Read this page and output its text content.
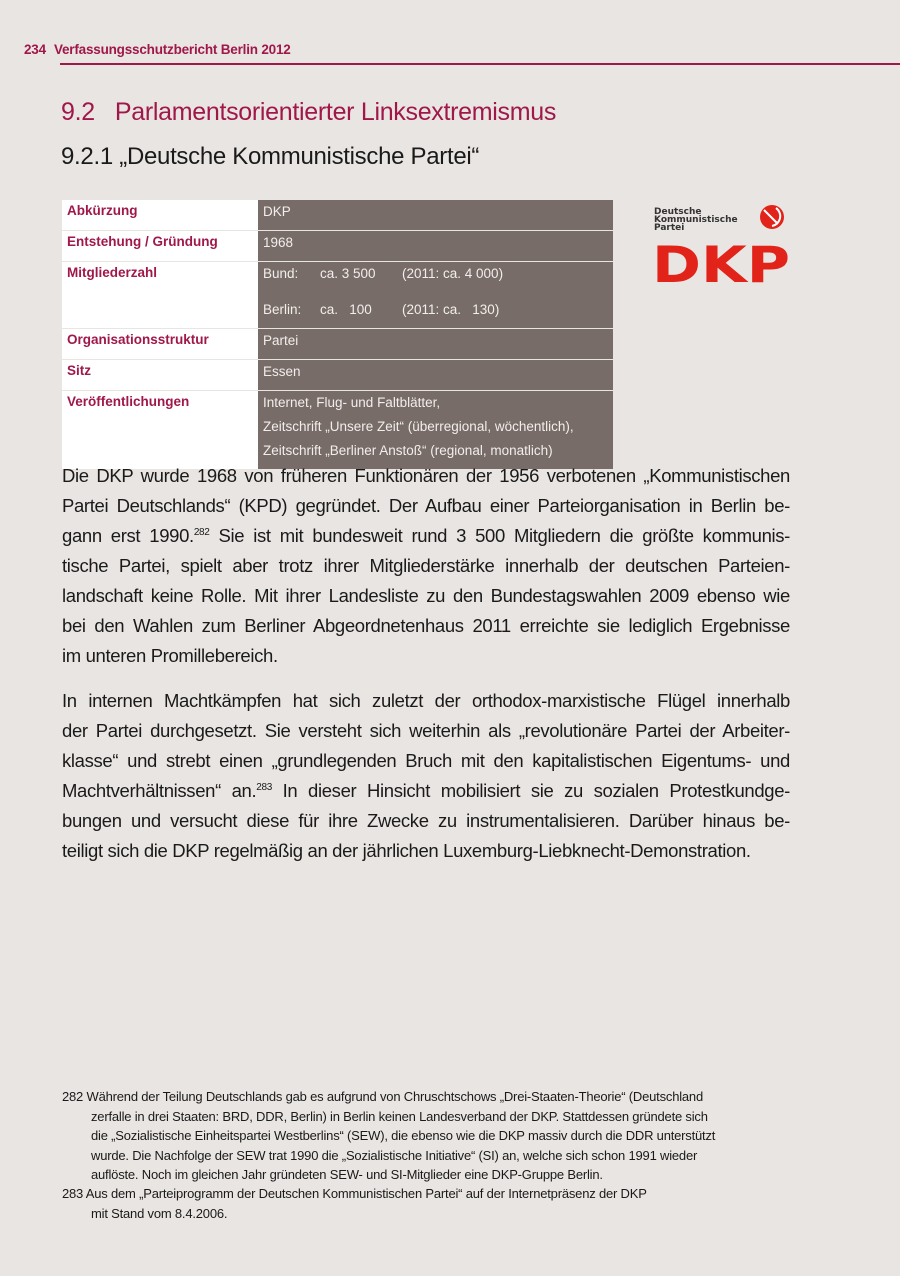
234 Verfassungsschutzbericht Berlin 2012
9.2 Parlamentsorientierter Linksextremismus
9.2.1 „Deutsche Kommunistische Partei“
Abkürzung	DKP

Entstehung / Gründung	1968

Mitgliederzahl	Bund: ca. 3 500 (2011: ca. 4 000)
Berlin: ca.   100 (2011: ca.   130)

Organisationsstruktur	Partei

Sitz	Essen

Veröffentlichungen	Internet, Flug- und Faltblätter,
Zeitschrift „Unsere Zeit“ (überregional, wöchentlich),
Zeitschrift „Berliner Anstoß“ (regional, monatlich)
Deutsche
Kommunistische
Partei
DKP
Die DKP wurde 1968 von früheren Funktionären der 1956 verbotenen „Kommunistischen
Partei Deutschlands“ (KPD) gegründet. Der Aufbau einer Parteiorganisation in Berlin be-
gann erst 1990.$^{282}$ Sie ist mit bundesweit rund 3 500 Mitgliedern die größte kommunis-
tische Partei, spielt aber trotz ihrer Mitgliederstärke innerhalb der deutschen Parteien-
landschaft keine Rolle. Mit ihrer Landesliste zu den Bundestagswahlen 2009 ebenso wie
bei den Wahlen zum Berliner Abgeordnetenhaus 2011 erreichte sie lediglich Ergebnisse
im unteren Promillebereich.
In internen Machtkämpfen hat sich zuletzt der orthodox-marxistische Flügel innerhalb
der Partei durchgesetzt. Sie versteht sich weiterhin als „revolutionäre Partei der Arbeiter-
klasse“ und strebt einen „grundlegenden Bruch mit den kapitalistischen Eigentums- und
Machtverhältnissen“ an.$^{283}$ In dieser Hinsicht mobilisiert sie zu sozialen Protestkundge-
bungen und versucht diese für ihre Zwecke zu instrumentalisieren. Darüber hinaus be-
teiligt sich die DKP regelmäßig an der jährlichen Luxemburg-Liebknecht-Demonstration.
282 Während der Teilung Deutschlands gab es aufgrund von Chruschtschows „Drei-Staaten-Theorie“ (Deutschland
zerfalle in drei Staaten: BRD, DDR, Berlin) in Berlin keinen Landesverband der DKP. Stattdessen gründete sich
die „Sozialistische Einheitspartei Westberlins“ (SEW), die ebenso wie die DKP massiv durch die DDR unterstützt
wurde. Die Nachfolge der SEW trat 1990 die „Sozialistische Initiative“ (SI) an, welche sich schon 1991 wieder
auflöste. Noch im gleichen Jahr gründeten SEW- und SI-Mitglieder eine DKP-Gruppe Berlin.
283 Aus dem „Parteiprogramm der Deutschen Kommunistischen Partei“ auf der Internetpräsenz der DKP
mit Stand vom 8.4.2006.
